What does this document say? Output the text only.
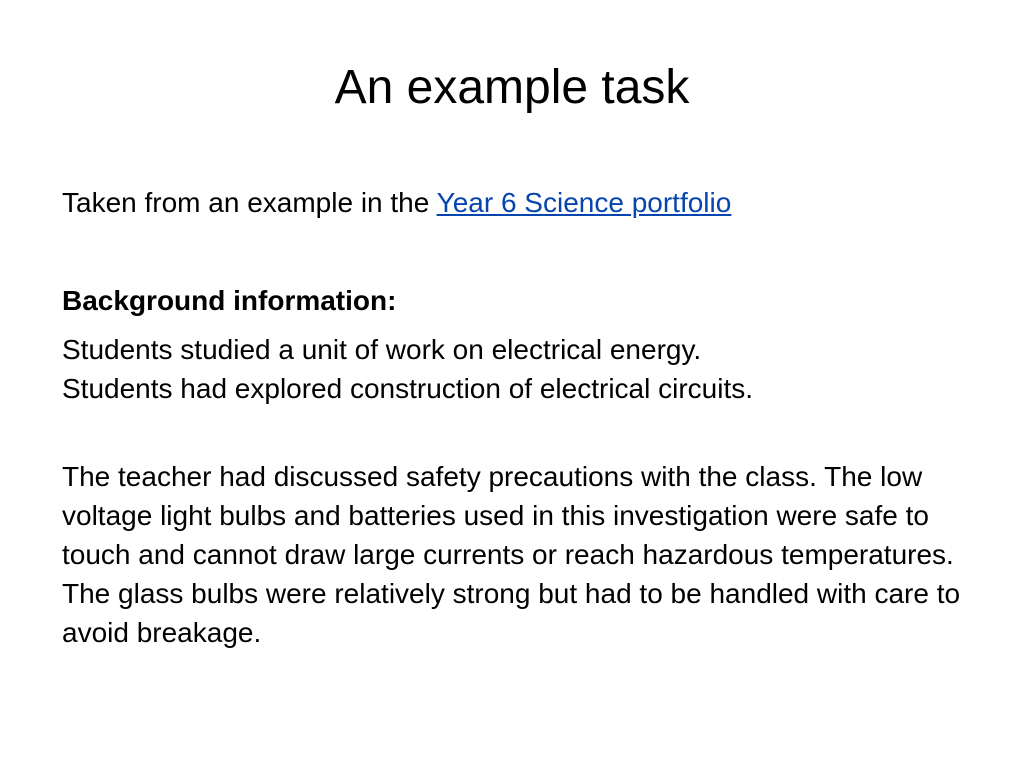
An example task

Taken from an example in the Year 6 Science portfolio

Background information:

Students studied a unit of work on electrical energy.
Students had explored construction of electrical circuits.

The teacher had discussed safety precautions with the class. The low voltage light bulbs and batteries used in this investigation were safe to touch and cannot draw large currents or reach hazardous temperatures. The glass bulbs were relatively strong but had to be handled with care to avoid breakage.
